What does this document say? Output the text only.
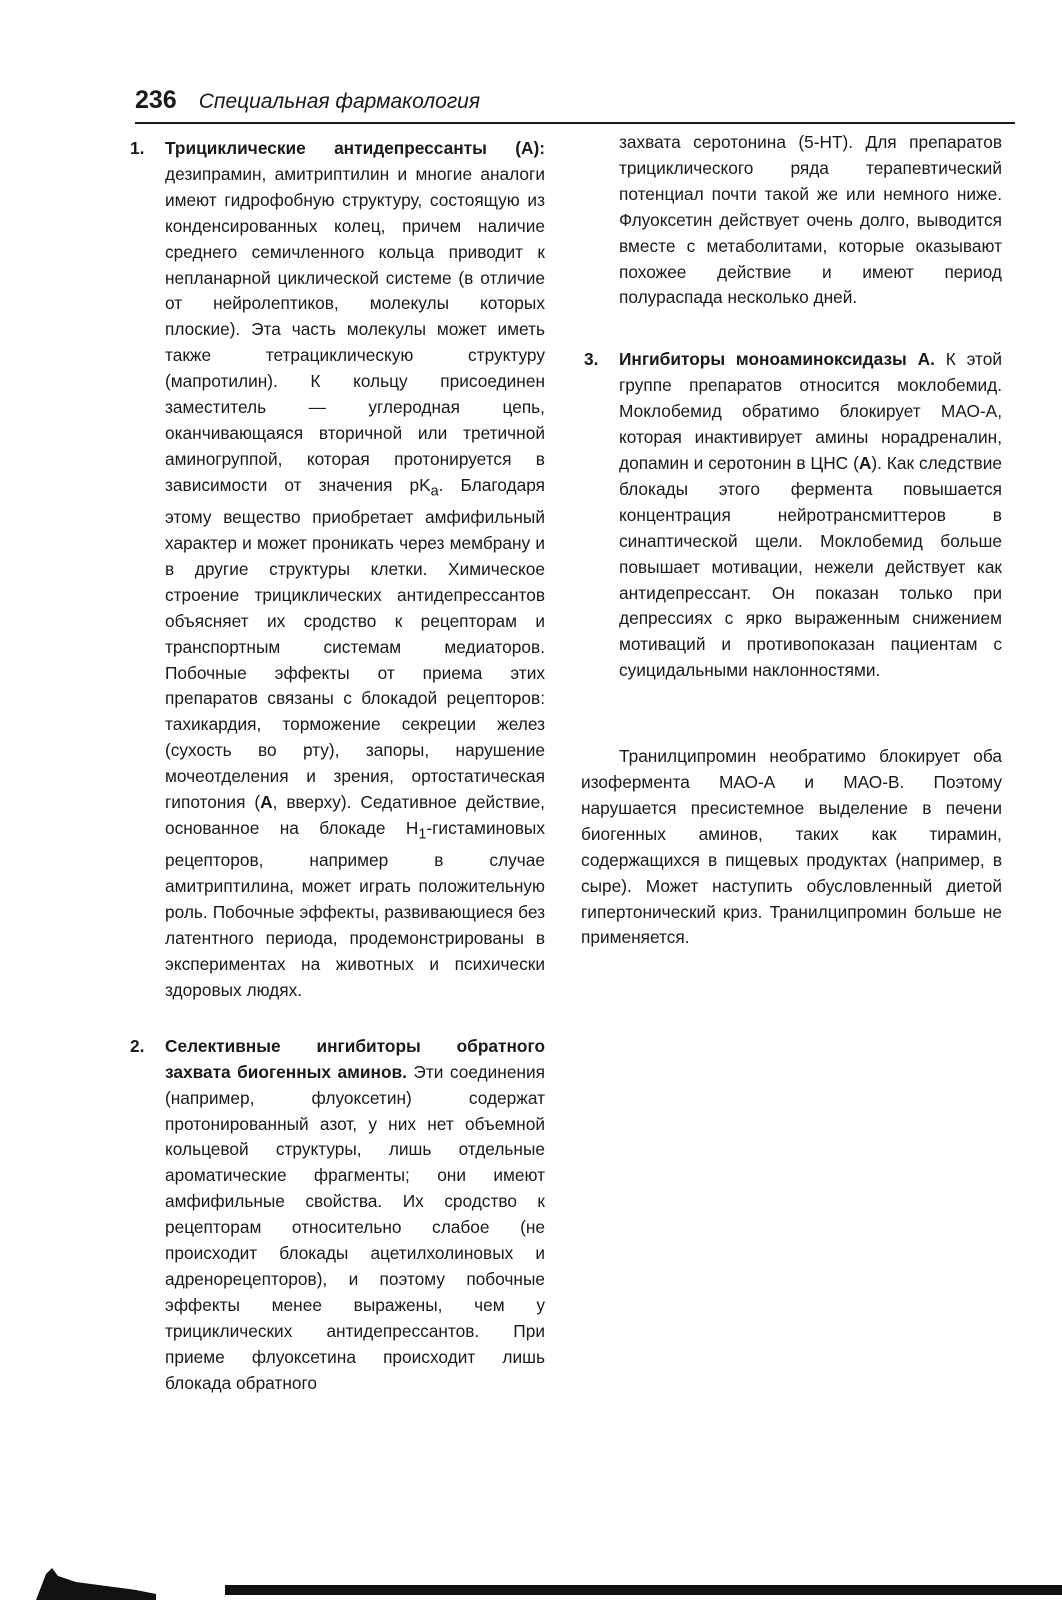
236 Специальная фармакология
1.	Трициклические антидепрессанты (А): дезипрамин, амитриптилин и многие аналоги имеют гидрофобную структуру, состоящую из конденсированных колец, причем наличие среднего семичленного кольца приводит к непланарной циклической системе (в отличие от нейролептиков, молекулы которых плоские). Эта часть молекулы может иметь также тетрациклическую структуру (мапротилин). К кольцу присоединен заместитель — углеродная цепь, оканчивающаяся вторичной или третичной аминогруппой, которая протонируется в зависимости от значения $pK_a$. Благодаря этому вещество приобретает амфифильный характер и может проникать через мембрану и в другие структуры клетки. Химическое строение трициклических антидепрессантов объясняет их сродство к рецепторам и транспортным системам медиаторов. Побочные эффекты от приема этих препаратов связаны с блокадой рецепторов: тахикардия, торможение секреции желез (сухость во рту), запоры, нарушение мочеотделения и зрения, ортостатическая гипотония (А, вверху). Седативное действие, основанное на блокаде $H_1$-гистаминовых рецепторов, например в случае амитриптилина, может играть положительную роль. Побочные эффекты, развивающиеся без латентного периода, продемонстрированы в экспериментах на животных и психически здоровых людях.
2.	Селективные ингибиторы обратного захвата биогенных аминов. Эти соединения (например, флуоксетин) содержат протонированный азот, у них нет объемной кольцевой структуры, лишь отдельные ароматические фрагменты; они имеют амфифильные свойства. Их сродство к рецепторам относительно слабое (не происходит блокады ацетилхолиновых и адренорецепторов), и поэтому побочные эффекты менее выражены, чем у трициклических антидепрессантов. При приеме флуоксетина происходит лишь блокада обратного
захвата серотонина (5-HT). Для препаратов трициклического ряда терапевтический потенциал почти такой же или немного ниже. Флуоксетин действует очень долго, выводится вместе с метаболитами, которые оказывают похожее действие и имеют период полураспада несколько дней.
3.	Ингибиторы моноаминоксидазы А. К этой группе препаратов относится моклобемид. Моклобемид обратимо блокирует МАО-А, которая инактивирует амины норадреналин, допамин и серотонин в ЦНС (А). Как следствие блокады этого фермента повышается концентрация нейротрансмиттеров в синаптической щели. Моклобемид больше повышает мотивации, нежели действует как антидепрессант. Он показан только при депрессиях с ярко выраженным снижением мотиваций и противопоказан пациентам с суицидальными наклонностями.
Транилципромин необратимо блокирует оба изофермента МАО-А и МАО-В. Поэтому нарушается пресистемное выделение в печени биогенных аминов, таких как тирамин, содержащихся в пищевых продуктах (например, в сыре). Может наступить обусловленный диетой гипертонический криз. Транилципромин больше не применяется.
